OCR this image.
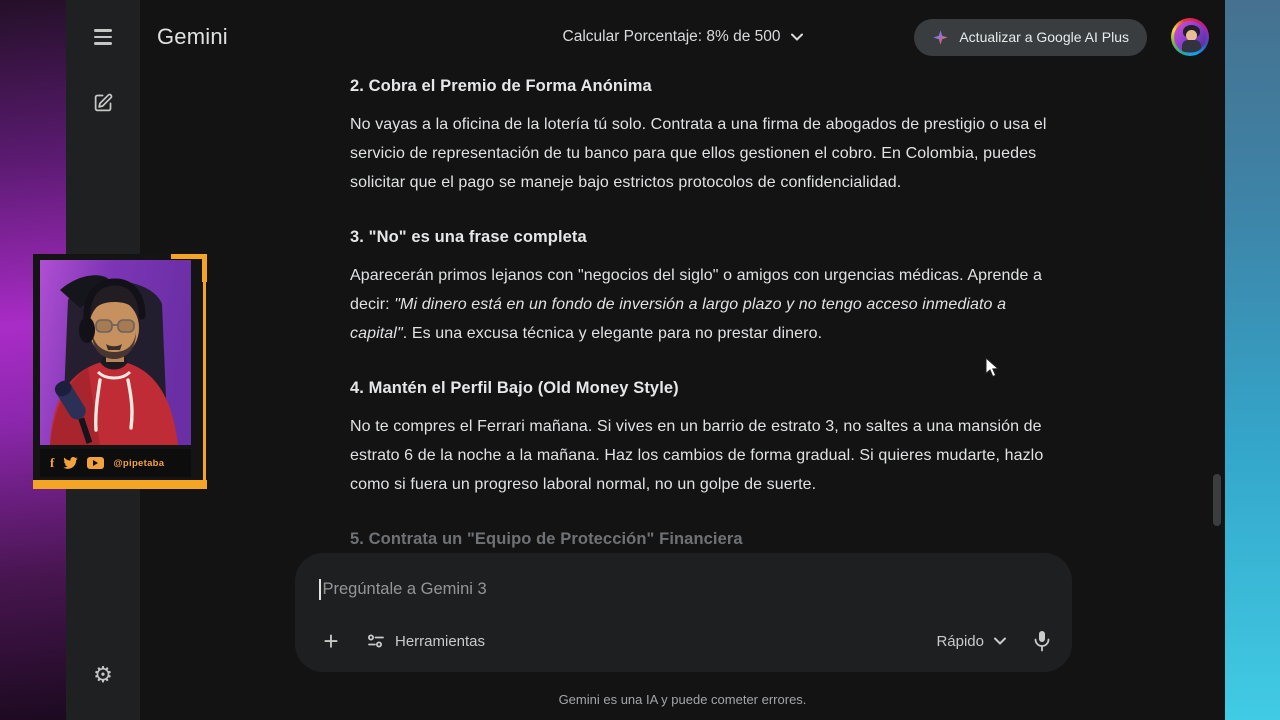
⚙
Gemini	Calcular Porcentaje: 8% de 500	Actualizar a Google AI Plus
2. Cobra el Premio de Forma Anónima

No vayas a la oficina de la lotería tú solo. Contrata a una firma de abogados de prestigio o usa el servicio de representación de tu banco para que ellos gestionen el cobro. En Colombia, puedes solicitar que el pago se maneje bajo estrictos protocolos de confidencialidad.

3. "No" es una frase completa

Aparecerán primos lejanos con "negocios del siglo" o amigos con urgencias médicas. Aprende a decir: "Mi dinero está en un fondo de inversión a largo plazo y no tengo acceso inmediato a capital". Es una excusa técnica y elegante para no prestar dinero.

4. Mantén el Perfil Bajo (Old Money Style)

No te compres el Ferrari mañana. Si vives en un barrio de estrato 3, no saltes a una mansión de estrato 6 de la noche a la mañana. Haz los cambios de forma gradual. Si quieres mudarte, hazlo como si fuera un progreso laboral normal, no un golpe de suerte.

5. Contrata un "Equipo de Protección" Financiera
Pregúntale a Gemini 3
+	Herramientas	Rápido
Gemini es una IA y puede cometer errores.
f	@pipetaba
